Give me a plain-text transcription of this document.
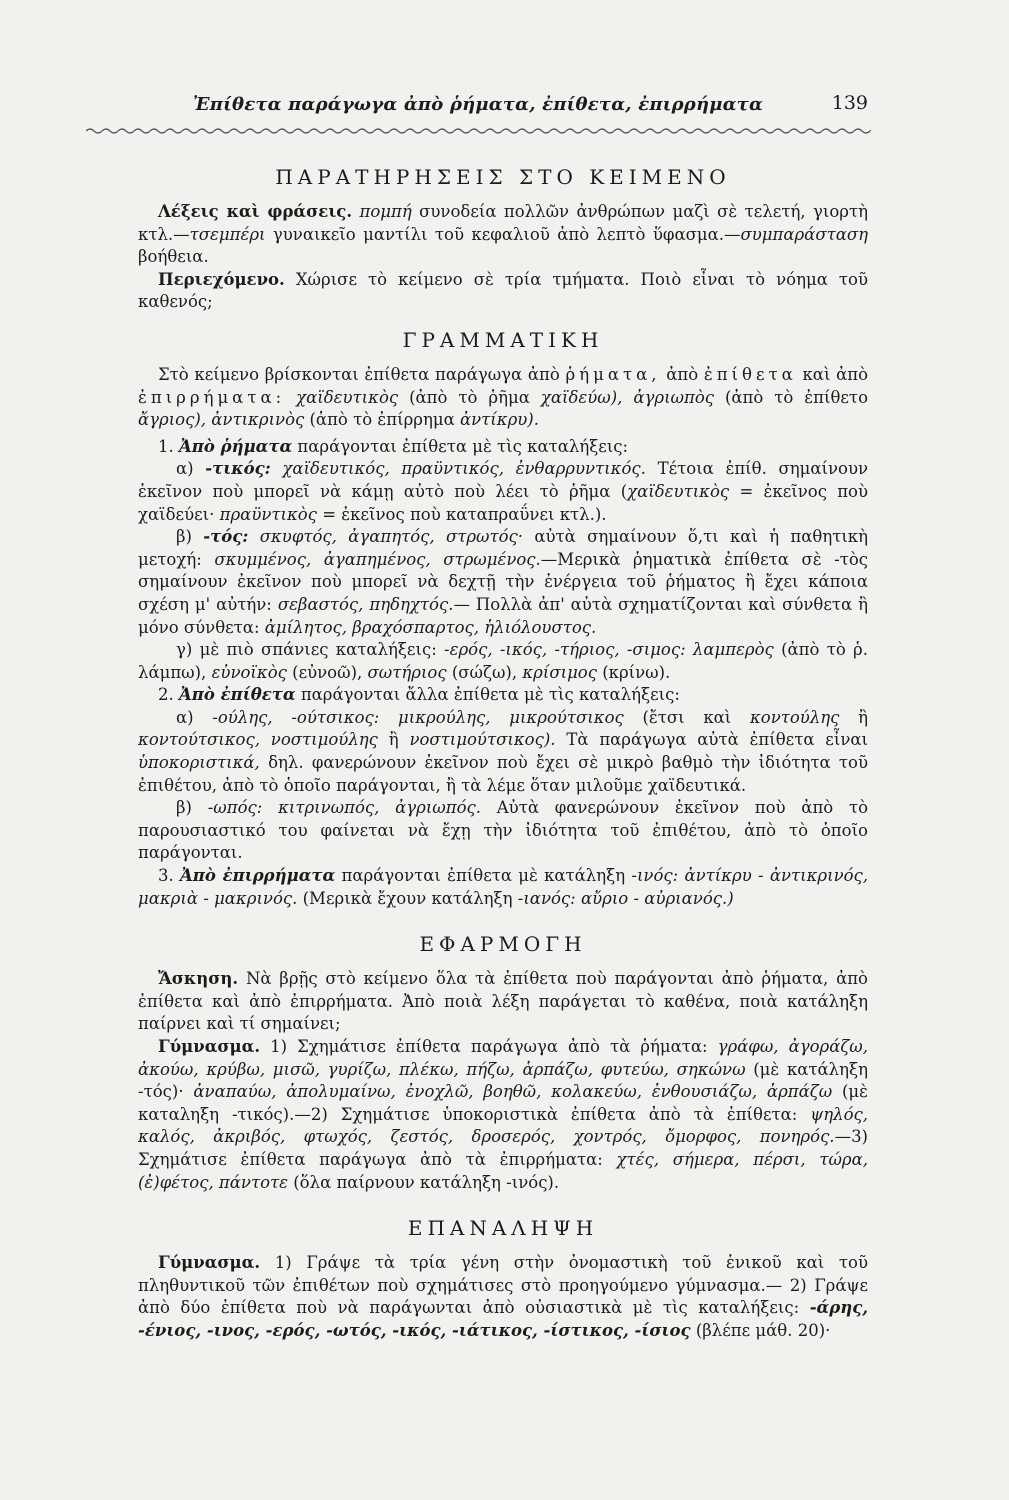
Ἐπίθετα παράγωγα ἀπὸ ῥήματα, ἐπίθετα, ἐπιρρήματα	139
ΠΑΡΑΤΗΡΗΣΕΙΣ ΣΤΟ ΚΕΙΜΕΝΟ

Λέξεις καὶ φράσεις. πομπή συνοδεία πολλῶν ἀνθρώπων μαζὶ σὲ τελετή, γιορτὴ κτλ.—τσεμπέρι γυναικεῖο μαντίλι τοῦ κεφαλιοῦ ἀπὸ λεπτὸ ὕφασμα.—συμπαράσταση βοήθεια.

Περιεχόμενο. Χώρισε τὸ κείμενο σὲ τρία τμήματα. Ποιὸ εἶναι τὸ νόημα τοῦ καθενός;

ΓΡΑΜΜΑΤΙΚΗ

Στὸ κείμενο βρίσκονται ἐπίθετα παράγωγα ἀπὸ ῥήματα, ἀπὸ ἐπίθετα καὶ ἀπὸ ἐπιρρήματα: χαϊδευτικὸς (ἀπὸ τὸ ῥῆμα χαϊδεύω), ἀγριωπὸς (ἀπὸ τὸ ἐπίθετο ἄγριος), ἀντικρινὸς (ἀπὸ τὸ ἐπίρρημα ἀντίκρυ).

1. Ἀπὸ ῥήματα παράγονται ἐπίθετα μὲ τὶς καταλήξεις:

α) -τικός: χαϊδευτικός, πραϋντικός, ἐνθαρρυντικός. Τέτοια ἐπίθ. σημαίνουν ἐκεῖνον ποὺ μπορεῖ νὰ κάμῃ αὐτὸ ποὺ λέει τὸ ῥῆμα (χαϊδευτικὸς = ἐκεῖνος ποὺ χαϊδεύει· πραϋντικὸς = ἐκεῖνος ποὺ καταπραΰνει κτλ.).

β) -τός: σκυφτός, ἀγαπητός, στρωτός· αὐτὰ σημαίνουν ὅ,τι καὶ ἡ παθητικὴ μετοχή: σκυμμένος, ἀγαπημένος, στρωμένος.—Μερικὰ ῥηματικὰ ἐπίθετα σὲ -τὸς σημαίνουν ἐκεῖνον ποὺ μπορεῖ νὰ δεχτῇ τὴν ἐνέργεια τοῦ ῥήματος ἢ ἔχει κάποια σχέση μ' αὐτήν: σεβαστός, πηδηχτός.— Πολλὰ ἀπ' αὐτὰ σχηματίζονται καὶ σύνθετα ἢ μόνο σύνθετα: ἀμίλητος, βραχόσπαρτος, ἡλιόλουστος.

γ) μὲ πιὸ σπάνιες καταλήξεις: -ερός, -ικός, -τήριος, -σιμος: λαμπερὸς (ἀπὸ τὸ ῥ. λάμπω), εὐνοϊκὸς (εὐνοῶ), σωτήριος (σώζω), κρίσιμος (κρίνω).

2. Ἀπὸ ἐπίθετα παράγονται ἄλλα ἐπίθετα μὲ τὶς καταλήξεις:

α) -ούλης, -ούτσικος: μικρούλης, μικρούτσικος (ἔτσι καὶ κοντούλης ἢ κοντούτσικος, νοστιμούλης ἢ νοστιμούτσικος). Τὰ παράγωγα αὐτὰ ἐπίθετα εἶναι ὑποκοριστικά, δηλ. φανερώνουν ἐκεῖνον ποὺ ἔχει σὲ μικρὸ βαθμὸ τὴν ἰδιότητα τοῦ ἐπιθέτου, ἀπὸ τὸ ὁποῖο παράγονται, ἢ τὰ λέμε ὅταν μιλοῦμε χαϊδευτικά.

β) -ωπός: κιτρινωπός, ἀγριωπός. Αὐτὰ φανερώνουν ἐκεῖνον ποὺ ἀπὸ τὸ παρουσιαστικό του φαίνεται νὰ ἔχῃ τὴν ἰδιότητα τοῦ ἐπιθέτου, ἀπὸ τὸ ὁποῖο παράγονται.

3. Ἀπὸ ἐπιρρήματα παράγονται ἐπίθετα μὲ κατάληξη -ινός: ἀντίκρυ - ἀντικρινός, μακριὰ - μακρινός. (Μερικὰ ἔχουν κατάληξη -ιανός: αὔριο - αὐριανός.)

ΕΦΑΡΜΟΓΗ

Ἄσκηση. Νὰ βρῇς στὸ κείμενο ὅλα τὰ ἐπίθετα ποὺ παράγονται ἀπὸ ῥήματα, ἀπὸ ἐπίθετα καὶ ἀπὸ ἐπιρρήματα. Ἀπὸ ποιὰ λέξη παράγεται τὸ καθένα, ποιὰ κατάληξη παίρνει καὶ τί σημαίνει;

Γύμνασμα. 1) Σχημάτισε ἐπίθετα παράγωγα ἀπὸ τὰ ῥήματα: γράφω, ἀγοράζω, ἀκούω, κρύβω, μισῶ, γυρίζω, πλέκω, πήζω, ἁρπάζω, φυτεύω, σηκώνω (μὲ κατάληξη -τός)· ἀναπαύω, ἀπολυμαίνω, ἐνοχλῶ, βοηθῶ, κολακεύω, ἐνθουσιάζω, ἁρπάζω (μὲ καταληξη -τικός).—2) Σχημάτισε ὑποκοριστικὰ ἐπίθετα ἀπὸ τὰ ἐπίθετα: ψηλός, καλός, ἀκριβός, φτωχός, ζεστός, δροσερός, χοντρός, ὄμορφος, πονηρός.—3) Σχημάτισε ἐπίθετα παράγωγα ἀπὸ τὰ ἐπιρρήματα: χτές, σήμερα, πέρσι, τώρα, (ἐ)φέτος, πάντοτε (ὅλα παίρνουν κατάληξη -ινός).

ΕΠΑΝΑΛΗΨΗ

Γύμνασμα. 1) Γράψε τὰ τρία γένη στὴν ὀνομαστικὴ τοῦ ἑνικοῦ καὶ τοῦ πληθυντικοῦ τῶν ἐπιθέτων ποὺ σχημάτισες στὸ προηγούμενο γύμνασμα.— 2) Γράψε ἀπὸ δύο ἐπίθετα ποὺ νὰ παράγωνται ἀπὸ οὐσιαστικὰ μὲ τὶς καταλήξεις: -άρης, -ένιος, -ινος, -ερός, -ωτός, -ικός, -ιάτικος, -ίστικος, -ίσιος (βλέπε μάθ. 20)·
